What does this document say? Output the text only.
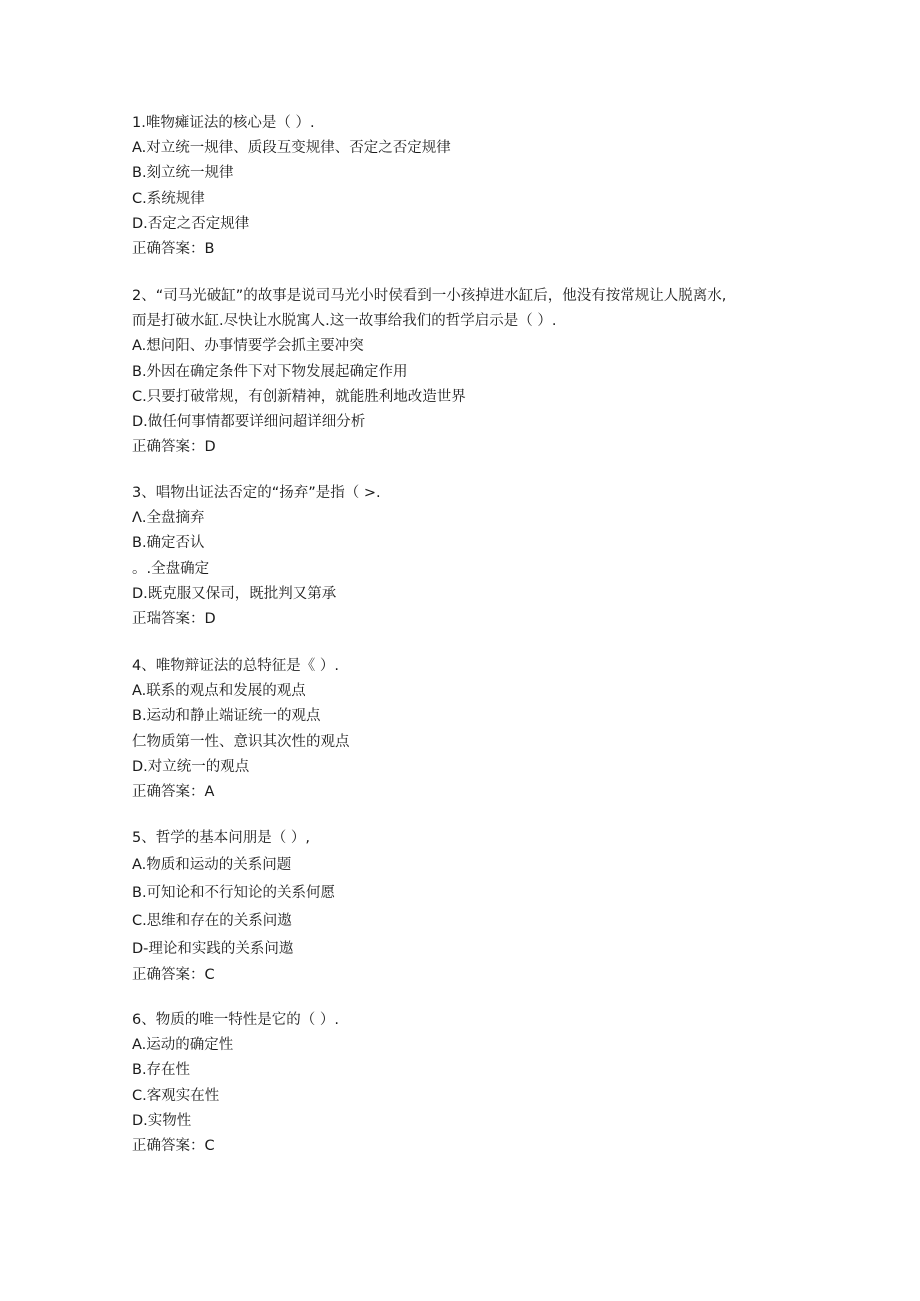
1.唯物瘫证法的核心是（ ）.
A.对立统一规律、质段互变规律、否定之否定规律
B.刻立统一规律
C.系统规律
D.否定之否定规律
正确答案：B
2、“司马光破缸”的故事是说司马光小时侯看到一小孩掉进水缸后，他没有按常规让人脱离水,
而是打破水缸.尽快让水脱寓人.这一故事给我们的哲学启示是（ ）.
A.想问阳、办事情要学会抓主要冲突
B.外因在确定条件下对下物发展起确定作用
C.只要打破常规，有创新精神，就能胜利地改造世界
D.做任何事情都要详细问超详细分析
正确答案：D
3、唱物出证法否定的“扬弃”是指（ >.
Λ.全盘摘弃
B.确定否认
。.全盘确定
D.既克服又保司，既批判又第承
正瑞答案：D
4、唯物辩证法的总特征是《 ）.
A.联系的观点和发展的观点
B.运动和静止端证统一的观点
仁物质第一性、意识其次性的观点
D.对立统一的观点
正确答案：A
5、哲学的基本问朋是（ ）,
A.物质和运动的关系问题
B.可知论和不行知论的关系何愿
C.思维和存在的关系问遨
D-理论和实践的关系问遨
正确答案：C
6、物质的唯一特性是它的（ ）.
A.运动的确定性
B.存在性
C.客观实在性
D.实物性
正确答案：C
